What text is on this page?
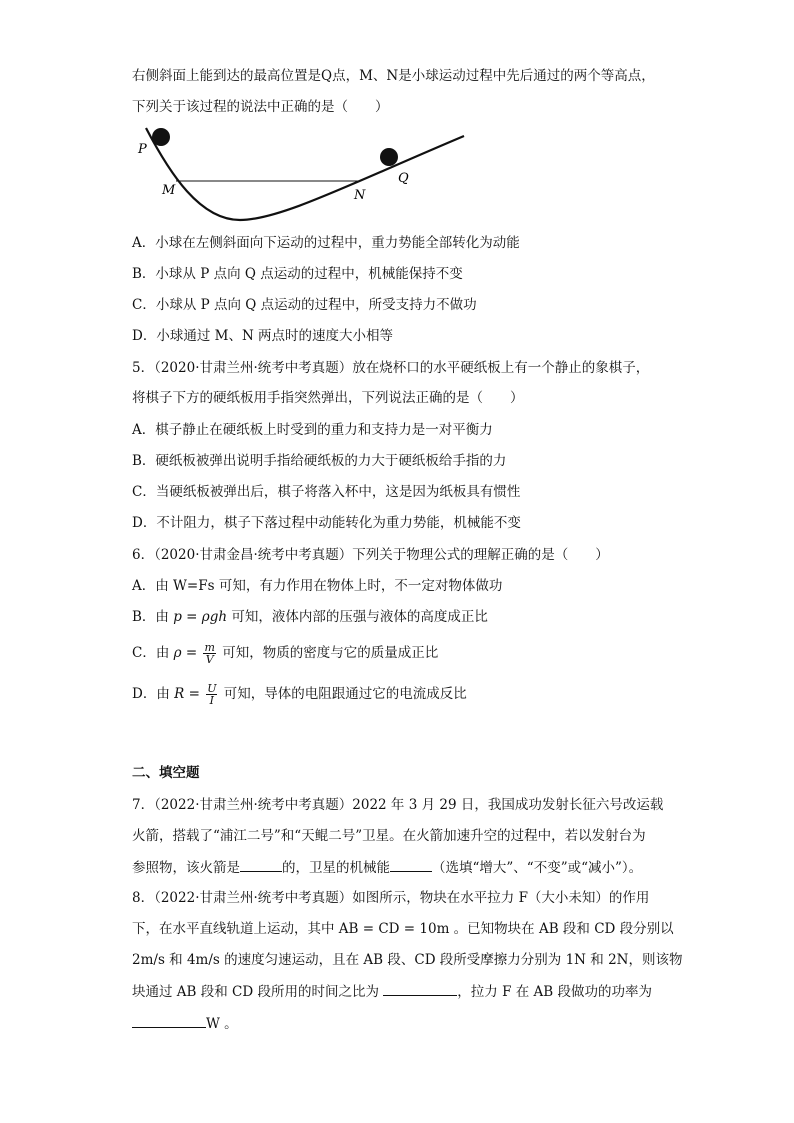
右侧斜面上能到达的最高位置是Q点，M、N是小球运动过程中先后通过的两个等高点，
下列关于该过程的说法中正确的是（　　）
P
M	N
Q
A．小球在左侧斜面向下运动的过程中，重力势能全部转化为动能
B．小球从 P 点向 Q 点运动的过程中，机械能保持不变
C．小球从 P 点向 Q 点运动的过程中，所受支持力不做功
D．小球通过 M、N 两点时的速度大小相等
5．（2020·甘肃兰州·统考中考真题）放在烧杯口的水平硬纸板上有一个静止的象棋子，
将棋子下方的硬纸板用手指突然弹出，下列说法正确的是（　　）
A．棋子静止在硬纸板上时受到的重力和支持力是一对平衡力
B．硬纸板被弹出说明手指给硬纸板的力大于硬纸板给手指的力
C．当硬纸板被弹出后，棋子将落入杯中，这是因为纸板具有惯性
D．不计阻力，棋子下落过程中动能转化为重力势能，机械能不变
6．（2020·甘肃金昌·统考中考真题）下列关于物理公式的理解正确的是（　　）
A．由 W=Fs 可知，有力作用在物体上时，不一定对物体做功
B．由 p = ρgh 可知，液体内部的压强与液体的高度成正比
C．由 $\rho = \frac{m}{V}$ 可知，物质的密度与它的质量成正比
D．由 $R = \frac{U}{I}$ 可知，导体的电阻跟通过它的电流成反比
二、填空题
7．（2022·甘肃兰州·统考中考真题）2022 年 3 月 29 日，我国成功发射长征六号改运载
火箭，搭载了“浦江二号”和“天鲲二号”卫星。在火箭加速升空的过程中，若以发射台为
参照物，该火箭是	的，卫星的机械能	（选填“增大”、“不变”或“减小”）。
8．（2022·甘肃兰州·统考中考真题）如图所示，物块在水平拉力 F（大小未知）的作用
下，在水平直线轨道上运动，其中 AB = CD = 10m 。已知物块在 AB 段和 CD 段分别以
2m/s 和 4m/s 的速度匀速运动，且在 AB 段、CD 段所受摩擦力分别为 1N 和 2N，则该物
块通过 AB 段和 CD 段所用的时间之比为	，拉力 F 在 AB 段做功的功率为
W 。
